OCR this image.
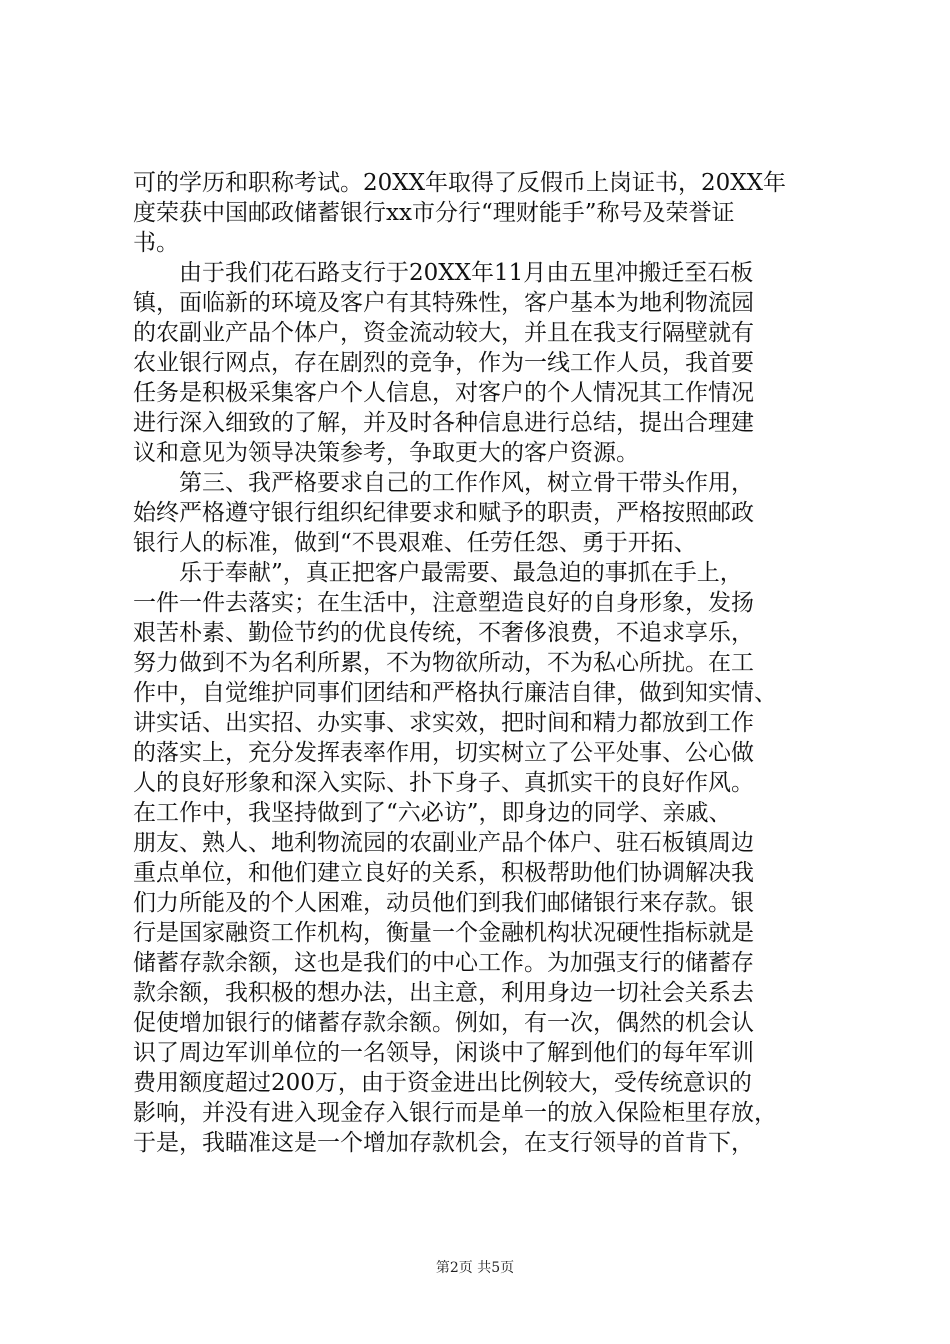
可的学历和职称考试。20XX年取得了反假币上岗证书，20XX年
度荣获中国邮政储蓄银行xx市分行“理财能手”称号及荣誉证
书。
由于我们花石路支行于20XX年11月由五里冲搬迁至石板
镇，面临新的环境及客户有其特殊性，客户基本为地利物流园
的农副业产品个体户，资金流动较大，并且在我支行隔壁就有
农业银行网点，存在剧烈的竞争，作为一线工作人员，我首要
任务是积极采集客户个人信息，对客户的个人情况其工作情况
进行深入细致的了解，并及时各种信息进行总结，提出合理建
议和意见为领导决策参考，争取更大的客户资源。
第三、我严格要求自己的工作作风，树立骨干带头作用，
始终严格遵守银行组织纪律要求和赋予的职责，严格按照邮政
银行人的标准，做到“不畏艰难、任劳任怨、勇于开拓、
乐于奉献”，真正把客户最需要、最急迫的事抓在手上，
一件一件去落实；在生活中，注意塑造良好的自身形象，发扬
艰苦朴素、勤俭节约的优良传统，不奢侈浪费，不追求享乐，
努力做到不为名利所累，不为物欲所动，不为私心所扰。在工
作中，自觉维护同事们团结和严格执行廉洁自律，做到知实情、
讲实话、出实招、办实事、求实效，把时间和精力都放到工作
的落实上，充分发挥表率作用，切实树立了公平处事、公心做
人的良好形象和深入实际、扑下身子、真抓实干的良好作风。
在工作中，我坚持做到了“六必访”，即身边的同学、亲戚、
朋友、熟人、地利物流园的农副业产品个体户、驻石板镇周边
重点单位，和他们建立良好的关系，积极帮助他们协调解决我
们力所能及的个人困难，动员他们到我们邮储银行来存款。银
行是国家融资工作机构，衡量一个金融机构状况硬性指标就是
储蓄存款余额，这也是我们的中心工作。为加强支行的储蓄存
款余额，我积极的想办法，出主意，利用身边一切社会关系去
促使增加银行的储蓄存款余额。例如，有一次，偶然的机会认
识了周边军训单位的一名领导，闲谈中了解到他们的每年军训
费用额度超过200万，由于资金进出比例较大，受传统意识的
影响，并没有进入现金存入银行而是单一的放入保险柜里存放，
于是，我瞄准这是一个增加存款机会，在支行领导的首肯下，
第2页 共5页
